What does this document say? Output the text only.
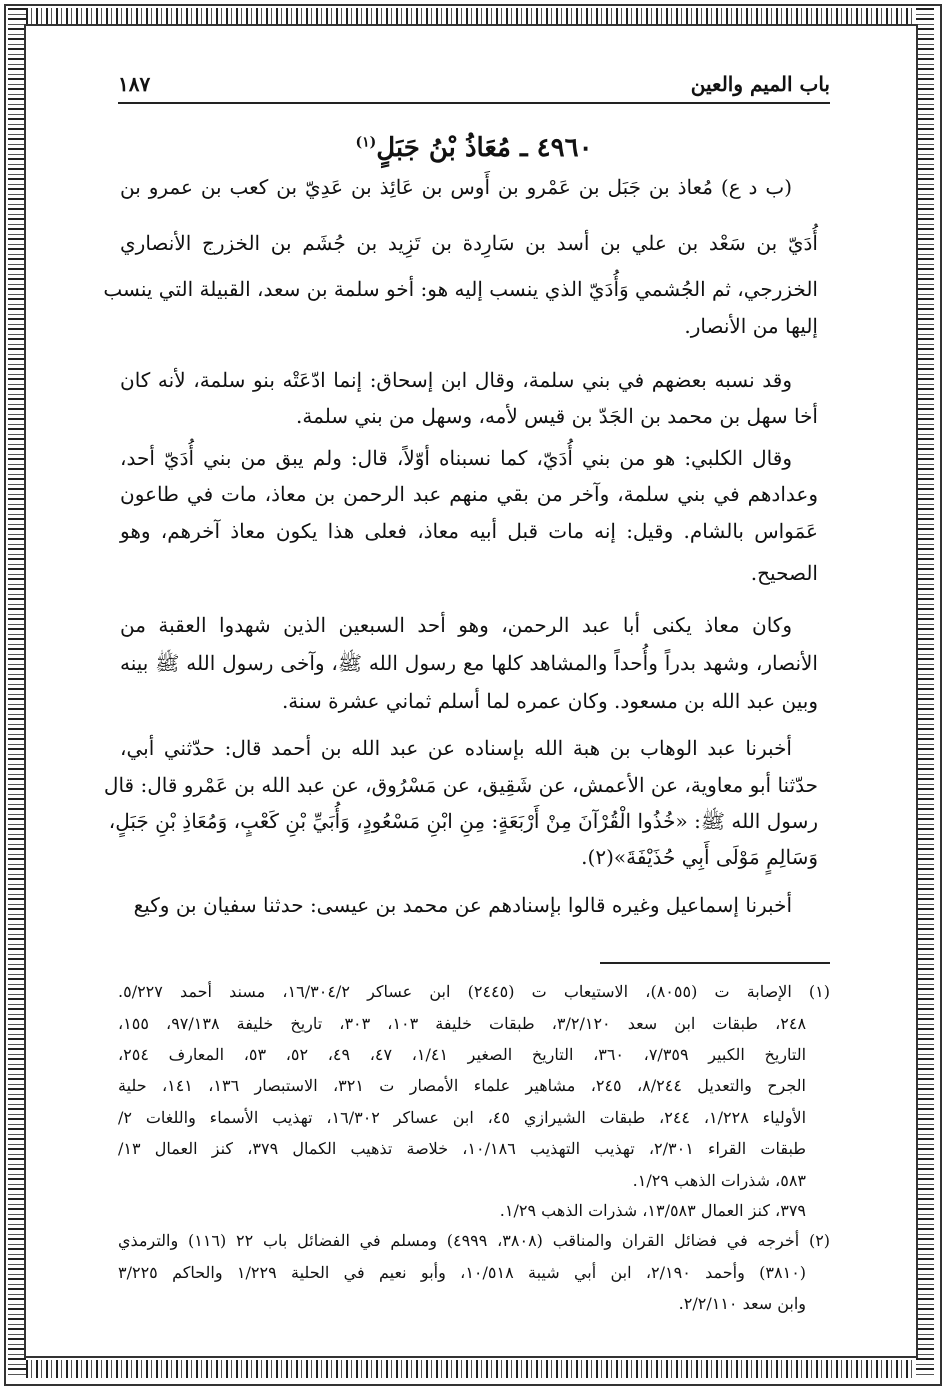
باب الميم والعين
١٨٧
٤٩٦٠ ـ مُعَاذُ بْنُ جَبَلٍ$^{(١)}$
(ب د ع) مُعاذ بن جَبَل بن عَمْرو بن أَوس بن عَائِذ بن عَدِيّ بن كعب بن عمرو بن
أُدَيّ بن سَعْد بن علي بن أسد بن سَارِدة بن تَزِيد بن جُشَم بن الخزرج الأنصاري
الخزرجي، ثم الجُشمي وَأُدَيّ الذي ينسب إليه هو: أخو سلمة بن سعد، القبيلة التي ينسب
إليها من الأنصار.
وقد نسبه بعضهم في بني سلمة، وقال ابن إسحاق: إنما ادّعَتْه بنو سلمة، لأنه كان
أخا سهل بن محمد بن الجَدّ بن قيس لأمه، وسهل من بني سلمة.
وقال الكلبي: هو من بني أُدَيّ، كما نسبناه أوّلاً، قال: ولم يبق من بني أُدَيّ أحد،
وعدادهم في بني سلمة، وآخر من بقي منهم عبد الرحمن بن معاذ، مات في طاعون
عَمَواس بالشام. وقيل: إنه مات قبل أبيه معاذ، فعلى هذا يكون معاذ آخرهم، وهو
الصحيح.
وكان معاذ يكنى أبا عبد الرحمن، وهو أحد السبعين الذين شهدوا العقبة من
الأنصار، وشهد بدراً وأُحداً والمشاهد كلها مع رسول الله ﷺ، وآخى رسول الله ﷺ بينه
وبين عبد الله بن مسعود. وكان عمره لما أسلم ثماني عشرة سنة.
أخبرنا عبد الوهاب بن هبة الله بإسناده عن عبد الله بن أحمد قال: حدّثني أبي،
حدّثنا أبو معاوية، عن الأعمش، عن شَقِيق، عن مَسْرُوق، عن عبد الله بن عَمْرو قال: قال
رسول الله ﷺ: «خُذُوا الْقُرْآنَ مِنْ أَرْبَعَةٍ: مِنِ ابْنِ مَسْعُودٍ، وَأُبَيِّ بْنِ كَعْبٍ، وَمُعَاذِ بْنِ جَبَلٍ،
وَسَالِمٍ مَوْلَى أَبِي حُذَيْفَةَ»(٢).
أخبرنا إسماعيل وغيره قالوا بإسنادهم عن محمد بن عيسى: حدثنا سفيان بن وكيع
(١) الإصابة ت (٨٠٥٥)، الاستيعاب ت (٢٤٤٥) ابن عساكر ١٦/٣٠٤/٢، مسند أحمد ٥/٢٢٧.
٢٤٨، طبقات ابن سعد ٣/٢/١٢٠، طبقات خليفة ١٠٣، ٣٠٣، تاريخ خليفة ٩٧/١٣٨، ١٥٥،
التاريخ الكبير ٧/٣٥٩، ٣٦٠، التاريخ الصغير ١/٤١، ٤٧، ٤٩، ٥٢، ٥٣، المعارف ٢٥٤،
الجرح والتعديل ٨/٢٤٤، ٢٤٥، مشاهير علماء الأمصار ت ٣٢١، الاستبصار ١٣٦، ١٤١، حلية
الأولياء ١/٢٢٨، ٢٤٤، طبقات الشيرازي ٤٥، ابن عساكر ١٦/٣٠٢، تهذيب الأسماء واللغات ٢/
طبقات القراء ٢/٣٠١، تهذيب التهذيب ١٠/١٨٦، خلاصة تذهيب الكمال ٣٧٩، كنز العمال ١٣/
٥٨٣، شذرات الذهب ١/٢٩.
٣٧٩، كنز العمال ١٣/٥٨٣، شذرات الذهب ١/٢٩.
(٢) أخرجه في فضائل القران والمناقب (٣٨٠٨، ٤٩٩٩) ومسلم في الفضائل باب ٢٢ (١١٦) والترمذي
(٣٨١٠) وأحمد ٢/١٩٠، ابن أبي شيبة ١٠/٥١٨، وأبو نعيم في الحلية ١/٢٢٩ والحاكم ٣/٢٢٥
وابن سعد ٢/٢/١١٠.
